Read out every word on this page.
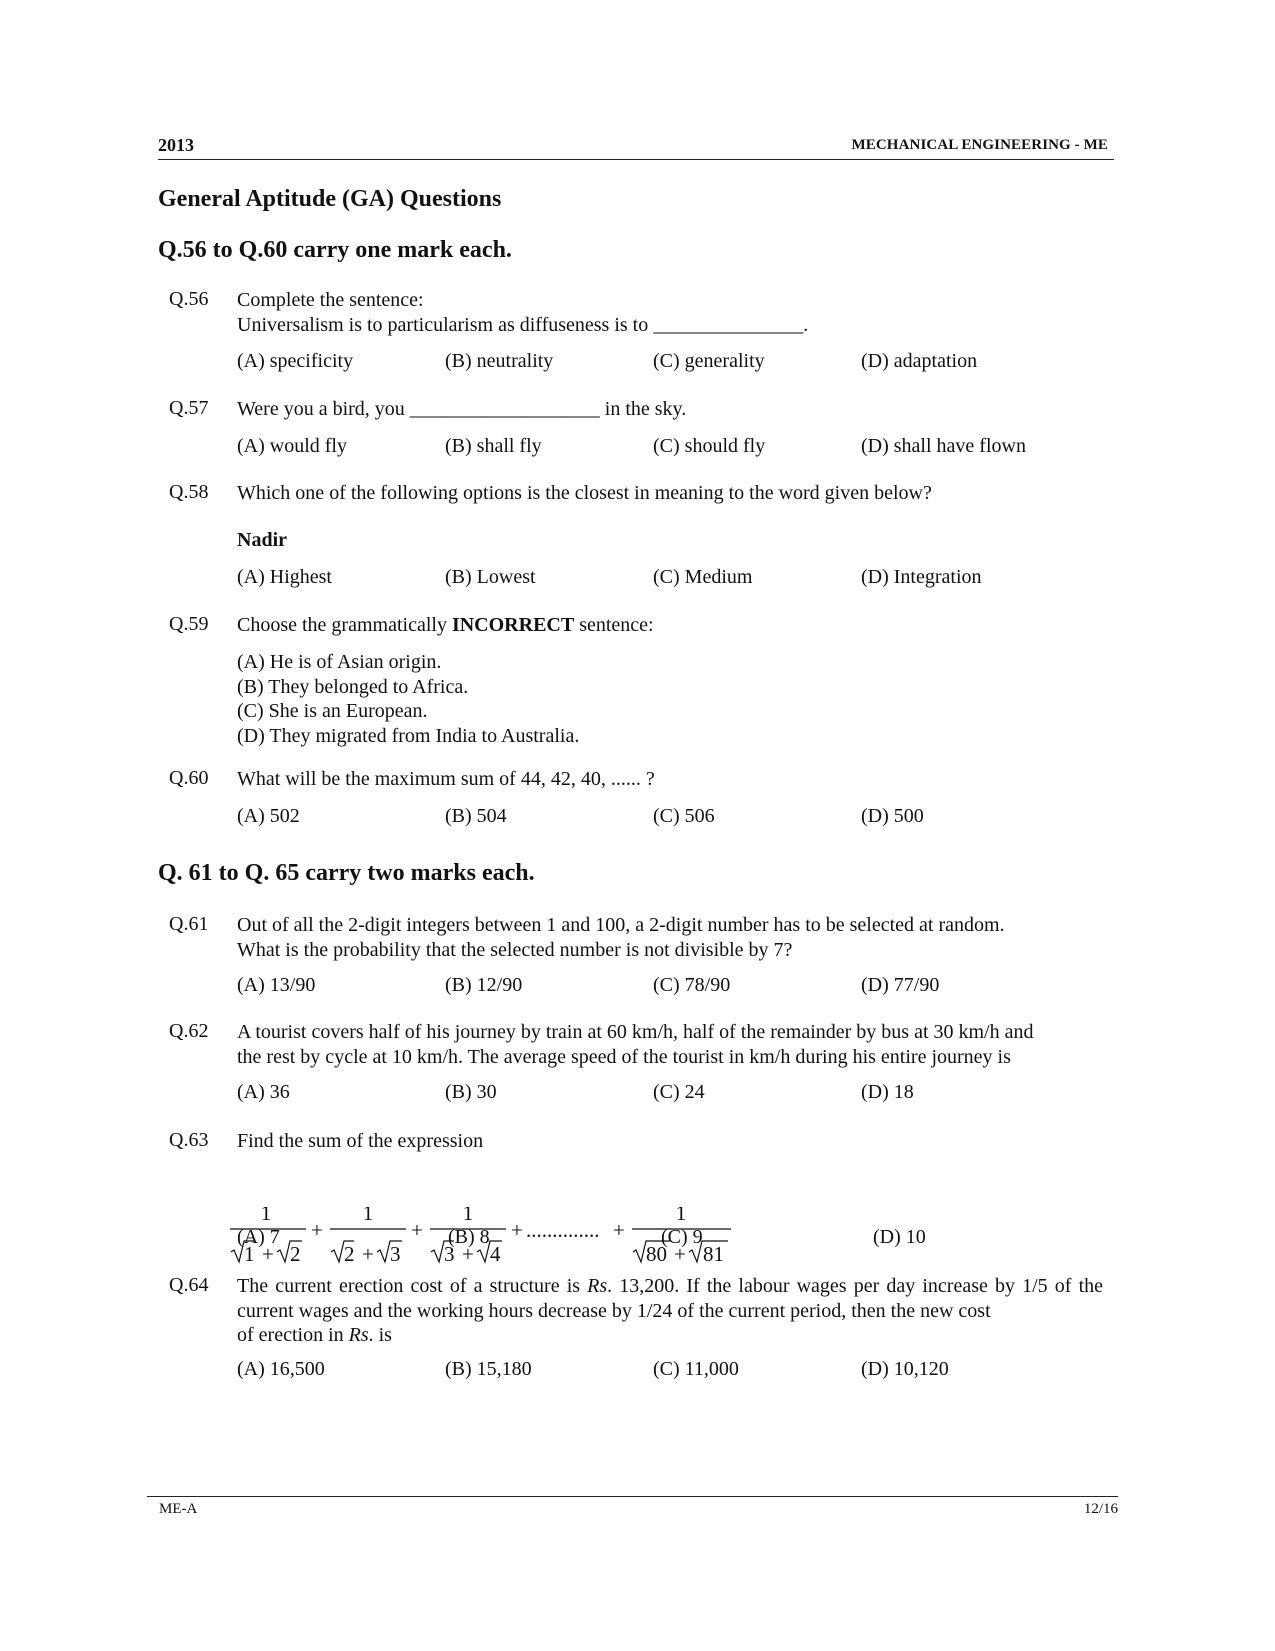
2013	MECHANICAL ENGINEERING - ME
General Aptitude (GA) Questions
Q.56 to Q.60 carry one mark each.
Q.56 Complete the sentence:
Universalism is to particularism as diffuseness is to _______________.
(A) specificity	(B) neutrality	(C) generality	(D) adaptation
Q.57 Were you a bird, you ___________________ in the sky.
(A) would fly	(B) shall fly	(C) should fly	(D) shall have flown
Q.58 Which one of the following options is the closest in meaning to the word given below?
Nadir
(A) Highest	(B) Lowest	(C) Medium	(D) Integration
Q.59 Choose the grammatically INCORRECT sentence:
(A) He is of Asian origin.
(B) They belonged to Africa.
(C) She is an European.
(D) They migrated from India to Australia.
Q.60 What will be the maximum sum of 44, 42, 40, ...... ?
(A) 502	(B) 504	(C) 506	(D) 500
Q. 61 to Q. 65 carry two marks each.
Q.61 Out of all the 2-digit integers between 1 and 100, a 2-digit number has to be selected at random.
What is the probability that the selected number is not divisible by 7?
(A) 13/90	(B) 12/90	(C) 78/90	(D) 77/90
Q.62 A tourist covers half of his journey by train at 60 km/h, half of the remainder by bus at 30 km/h and
the rest by cycle at 10 km/h. The average speed of the tourist in km/h during his entire journey is
(A) 36	(B) 30	(C) 24	(D) 18
Q.63 Find the sum of the expression
1
1 + 2
+
1
2 + 3
+
1
3 + 4
+ .............. +
1
80 + 81
(A) 7	(B) 8	(C) 9	(D) 10
Q.64 The current erection cost of a structure is Rs. 13,200. If the labour wages per day increase by 1/5 of the current wages and the working hours decrease by 1/24 of the current period, then the new cost
of erection in Rs. is
(A) 16,500	(B) 15,180	(C) 11,000	(D) 10,120
ME-A	12/16
